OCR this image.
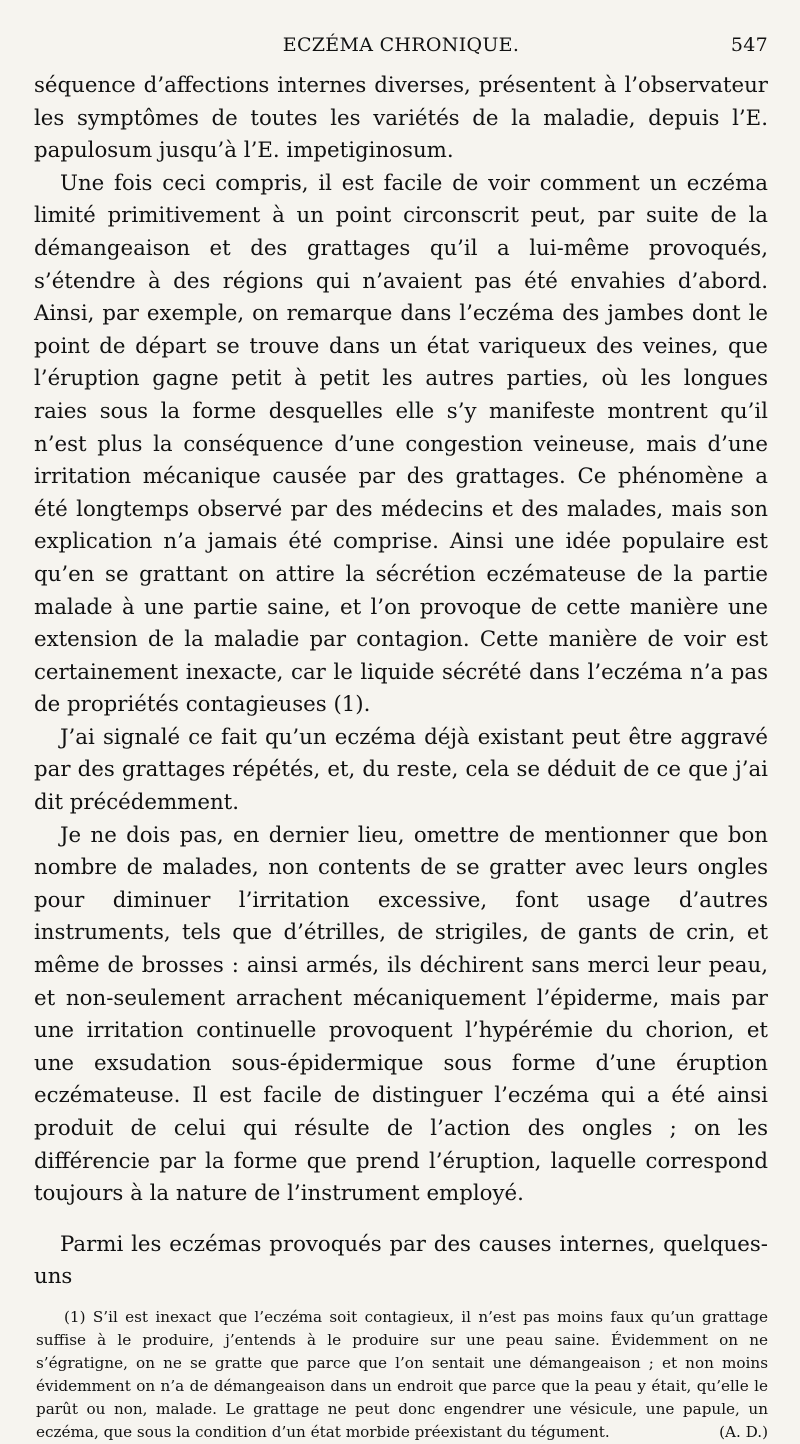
ECZÉMA CHRONIQUE.	547

séquence d’affections internes diverses, présentent à l’observateur les symptômes de toutes les variétés de la maladie, depuis l’E. papulosum jusqu’à l’E. impetiginosum.

Une fois ceci compris, il est facile de voir comment un eczéma limité primitivement à un point circonscrit peut, par suite de la démangeaison et des grattages qu’il a lui-même provoqués, s’étendre à des régions qui n’avaient pas été envahies d’abord. Ainsi, par exemple, on remarque dans l’eczéma des jambes dont le point de départ se trouve dans un état variqueux des veines, que l’éruption gagne petit à petit les autres parties, où les longues raies sous la forme desquelles elle s’y manifeste montrent qu’il n’est plus la conséquence d’une congestion veineuse, mais d’une irritation mécanique causée par des grattages. Ce phénomène a été longtemps observé par des médecins et des malades, mais son explication n’a jamais été comprise. Ainsi une idée populaire est qu’en se grattant on attire la sécrétion eczémateuse de la partie malade à une partie saine, et l’on provoque de cette manière une extension de la maladie par contagion. Cette manière de voir est certainement inexacte, car le liquide sécrété dans l’eczéma n’a pas de propriétés contagieuses (1).

J’ai signalé ce fait qu’un eczéma déjà existant peut être aggravé par des grattages répétés, et, du reste, cela se déduit de ce que j’ai dit précédemment.

Je ne dois pas, en dernier lieu, omettre de mentionner que bon nombre de malades, non contents de se gratter avec leurs ongles pour diminuer l’irritation excessive, font usage d’autres instruments, tels que d’étrilles, de strigiles, de gants de crin, et même de brosses : ainsi armés, ils déchirent sans merci leur peau, et non-seulement arrachent mécaniquement l’épiderme, mais par une irritation continuelle provoquent l’hypérémie du chorion, et une exsudation sous-épidermique sous forme d’une éruption eczémateuse. Il est facile de distinguer l’eczéma qui a été ainsi produit de celui qui résulte de l’action des ongles ; on les différencie par la forme que prend l’éruption, laquelle correspond toujours à la nature de l’instrument employé.

Parmi les eczémas provoqués par des causes internes, quelques-uns

(1) S’il est inexact que l’eczéma soit contagieux, il n’est pas moins faux qu’un grattage suffise à le produire, j’entends à le produire sur une peau saine. Évidemment on ne s’égratigne, on ne se gratte que parce que l’on sentait une démangeaison ; et non moins évidemment on n’a de démangeaison dans un endroit que parce que la peau y était, qu’elle le parût ou non, malade. Le grattage ne peut donc engendrer une vésicule, une papule, un eczéma, que sous la condition d’un état morbide préexistant du tégument.	(A. D.)
